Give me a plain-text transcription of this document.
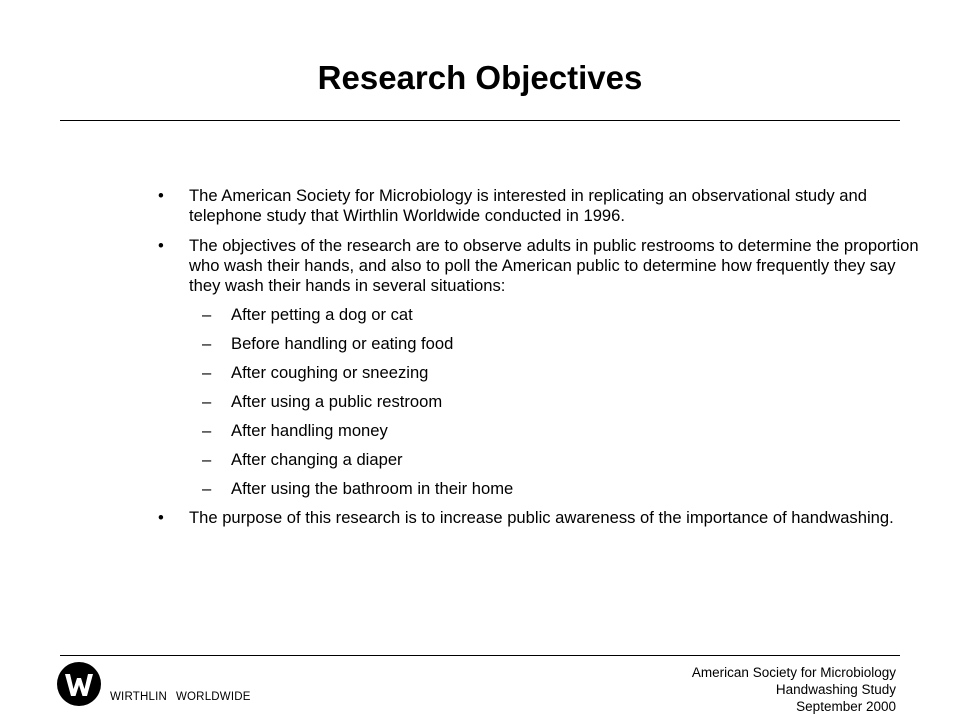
Research Objectives
• The American Society for Microbiology is interested in replicating an observational study and telephone study that Wirthlin Worldwide conducted in 1996.
• The objectives of the research are to observe adults in public restrooms to determine the proportion who wash their hands, and also to poll the American public to determine how frequently they say they wash their hands in several situations:
– After petting a dog or cat
– Before handling or eating food
– After coughing or sneezing
– After using a public restroom
– After handling money
– After changing a diaper
– After using the bathroom in their home
• The purpose of this research is to increase public awareness of the importance of handwashing.
WIRTHLIN WORLDWIDE
American Society for Microbiology
Handwashing Study
September 2000
